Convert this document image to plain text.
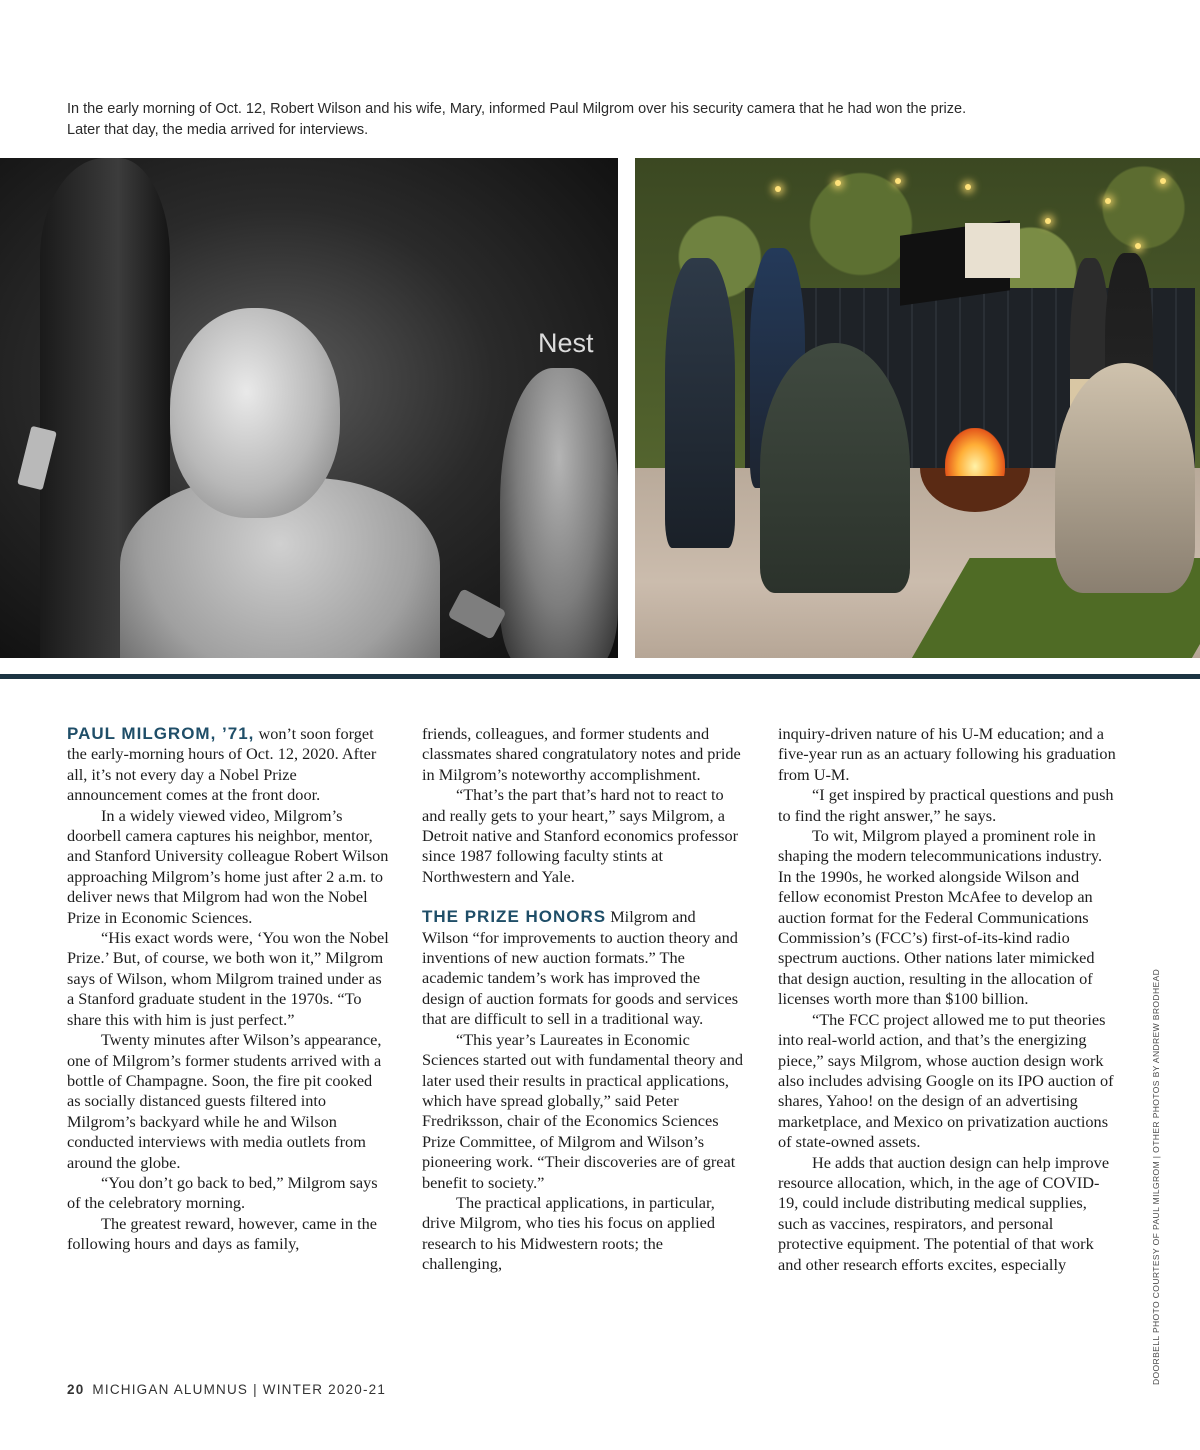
In the early morning of Oct. 12, Robert Wilson and his wife, Mary, informed Paul Milgrom over his security camera that he had won the prize.

Later that day, the media arrived for interviews.

Nest

PAUL MILGROM, ’71, won’t soon forget the early-morning hours of Oct. 12, 2020. After all, it’s not every day a Nobel Prize announcement comes at the front door.

In a widely viewed video, Milgrom’s doorbell camera captures his neighbor, mentor, and Stanford University colleague Robert Wilson approaching Milgrom’s home just after 2 a.m. to deliver news that Milgrom had won the Nobel Prize in Economic Sciences.

“His exact words were, ‘You won the Nobel Prize.’ But, of course, we both won it,” Milgrom says of Wilson, whom Milgrom trained under as a Stanford graduate student in the 1970s. “To share this with him is just perfect.”

Twenty minutes after Wilson’s appearance, one of Milgrom’s former students arrived with a bottle of Champagne. Soon, the fire pit cooked as socially distanced guests filtered into Milgrom’s backyard while he and Wilson conducted interviews with media outlets from around the globe.

“You don’t go back to bed,” Milgrom says of the celebratory morning.

The greatest reward, however, came in the following hours and days as family,

friends, colleagues, and former students and classmates shared congratulatory notes and pride in Milgrom’s noteworthy accomplishment.

“That’s the part that’s hard not to react to and really gets to your heart,” says Milgrom, a Detroit native and Stanford economics professor since 1987 following faculty stints at Northwestern and Yale.

THE PRIZE HONORS Milgrom and Wilson “for improvements to auction theory and inventions of new auction formats.” The academic tandem’s work has improved the design of auction formats for goods and services that are difficult to sell in a traditional way.

“This year’s Laureates in Economic Sciences started out with fundamental theory and later used their results in practical applications, which have spread globally,” said Peter Fredriksson, chair of the Economics Sciences Prize Committee, of Milgrom and Wilson’s pioneering work. “Their discoveries are of great benefit to society.”

The practical applications, in particular, drive Milgrom, who ties his focus on applied research to his Midwestern roots; the challenging,

inquiry-driven nature of his U-M education; and a five-year run as an actuary following his graduation from U-M.

“I get inspired by practical questions and push to find the right answer,” he says.

To wit, Milgrom played a prominent role in shaping the modern telecommunications industry. In the 1990s, he worked alongside Wilson and fellow economist Preston McAfee to develop an auction format for the Federal Communications Commission’s (FCC’s) first-of-its-kind radio spectrum auctions. Other nations later mimicked that design auction, resulting in the allocation of licenses worth more than $100 billion.

“The FCC project allowed me to put theories into real-world action, and that’s the energizing piece,” says Milgrom, whose auction design work also includes advising Google on its IPO auction of shares, Yahoo! on the design of an advertising marketplace, and Mexico on privatization auctions of state-owned assets.

He adds that auction design can help improve resource allocation, which, in the age of COVID-19, could include distributing medical supplies, such as vaccines, respirators, and personal protective equipment. The potential of that work and other research efforts excites, especially	DOORBELL PHOTO COURTESY OF PAUL MILGROM | OTHER PHOTOS BY ANDREW BRODHEAD
20 MICHIGAN ALUMNUS | WINTER 2020-21
